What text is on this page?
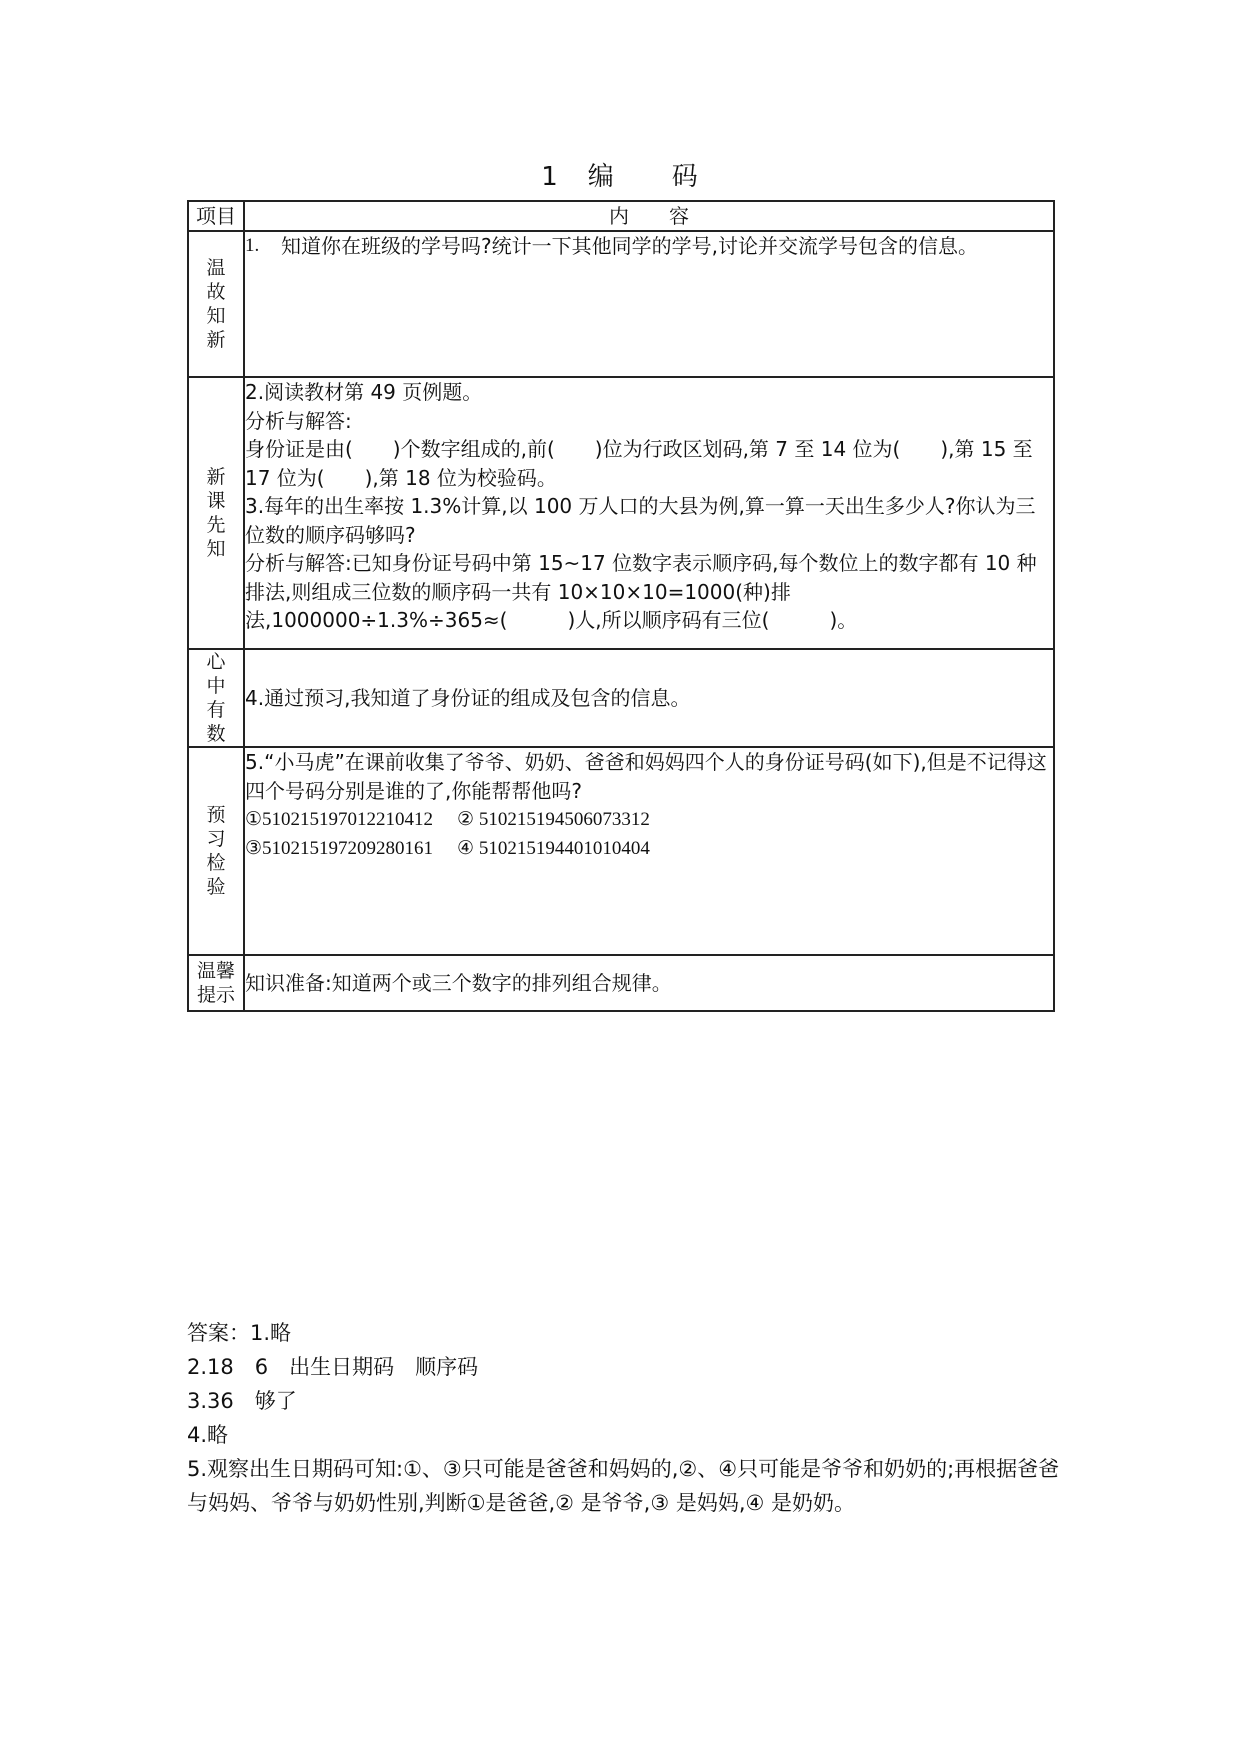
1　编　　码
项目	内　　容
温故知新	1. 知道你在班级的学号吗?统计一下其他同学的学号,讨论并交流学号包含的信息。

新课先知	2.阅读教材第 49 页例题。

分析与解答:

身份证是由(　　)个数字组成的,前(　　)位为行政区划码,第 7 至 14 位为(　　),第 15 至 17 位为(　　),第 18 位为校验码。

3.每年的出生率按 1.3%计算,以 100 万人口的大县为例,算一算一天出生多少人?你认为三位数的顺序码够吗?

分析与解答:已知身份证号码中第 15~17 位数字表示顺序码,每个数位上的数字都有 10 种排法,则组成三位数的顺序码一共有 10×10×10=1000(种)排法,1000000÷1.3%÷365≈(　　　)人,所以顺序码有三位(　　　)。

心中有数	4.通过预习,我知道了身份证的组成及包含的信息。

预习检验	5.“小马虎”在课前收集了爷爷、奶奶、爸爸和妈妈四个人的身份证号码(如下),但是不记得这四个号码分别是谁的了,你能帮帮他吗?

①510215197012210412 ② 510215194506073312
③510215197209280161 ④ 510215194401010404

温馨提示	知识准备:知道两个或三个数字的排列组合规律。

答案：1.略

2.18　6　出生日期码　顺序码

3.36　够了

4.略

5.观察出生日期码可知:①、③只可能是爸爸和妈妈的,②、④只可能是爷爷和奶奶的;再根据爸爸与妈妈、爷爷与奶奶性别,判断①是爸爸,② 是爷爷,③ 是妈妈,④ 是奶奶。
